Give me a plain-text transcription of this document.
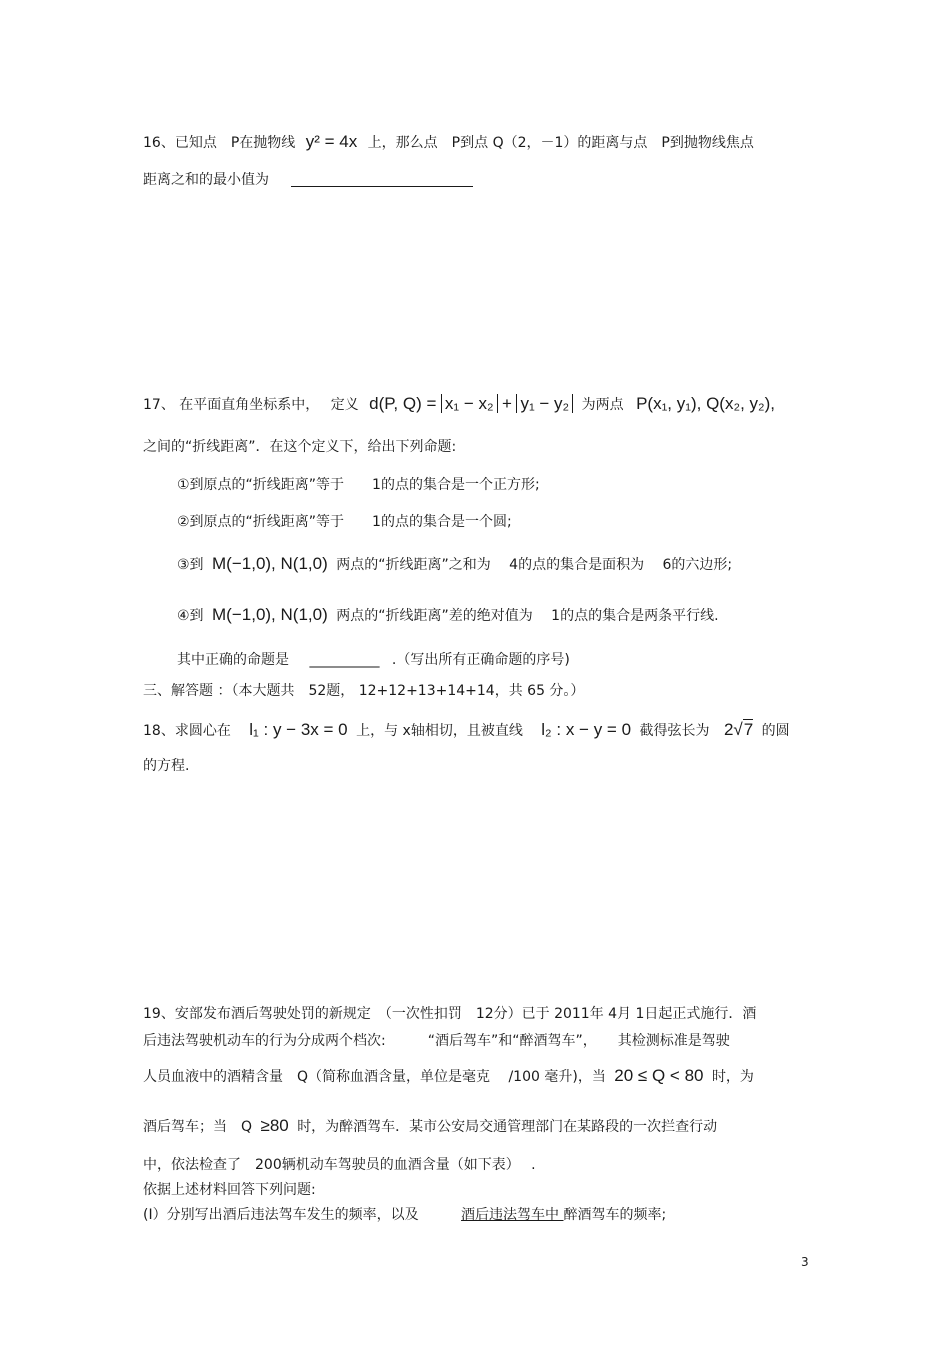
16、已知点　P在抛物线 y² = 4x 上，那么点　P到点 Q（2，－1）的距离与点　P到抛物线焦点
距离之和的最小值为
17、 在平面直角坐标系中，　 定义 d(P, Q) = x₁ − x₂ + y₁ − y₂ 为两点 P(x₁, y₁), Q(x₂, y₂),
之间的“折线距离”．在这个定义下，给出下列命题:
①到原点的“折线距离”等于　　1的点的集合是一个正方形;
②到原点的“折线距离”等于　　1的点的集合是一个圆;
③到 M(−1,0), N(1,0) 两点的“折线距离”之和为　 4的点的集合是面积为　 6的六边形;
④到 M(−1,0), N(1,0) 两点的“折线距离”差的绝对值为　 1的点的集合是两条平行线.
其中正确的命题是 __________ .（写出所有正确命题的序号)
三、解答题 ：（本大题共　52题， 12+12+13+14+14，共 65 分。）
18、求圆心在 l₁ : y − 3x = 0 上，与 x轴相切，且被直线 l₂ : x − y = 0 截得弦长为 2√7 的圆
的方程.
19、安部发布酒后驾驶处罚的新规定　（一次性扣罚　12分）已于 2011年 4月 1日起正式施行．酒
后违法驾驶机动车的行为分成两个档次:　　　“酒后驾车”和“醉酒驾车”，　　其检测标准是驾驶
人员血液中的酒精含量　Q（简称血酒含量，单位是毫克　 /100 毫升)，当 20 ≤ Q < 80 时，为
酒后驾车；当　Q ≥80 时，为醉酒驾车．某市公安局交通管理部门在某路段的一次拦查行动
中，依法检查了　200辆机动车驾驶员的血酒含量（如下表）　 .
依据上述材料回答下列问题:
(Ⅰ）分别写出酒后违法驾车发生的频率，以及	酒后违法驾车中 醉酒驾车的频率;
3
